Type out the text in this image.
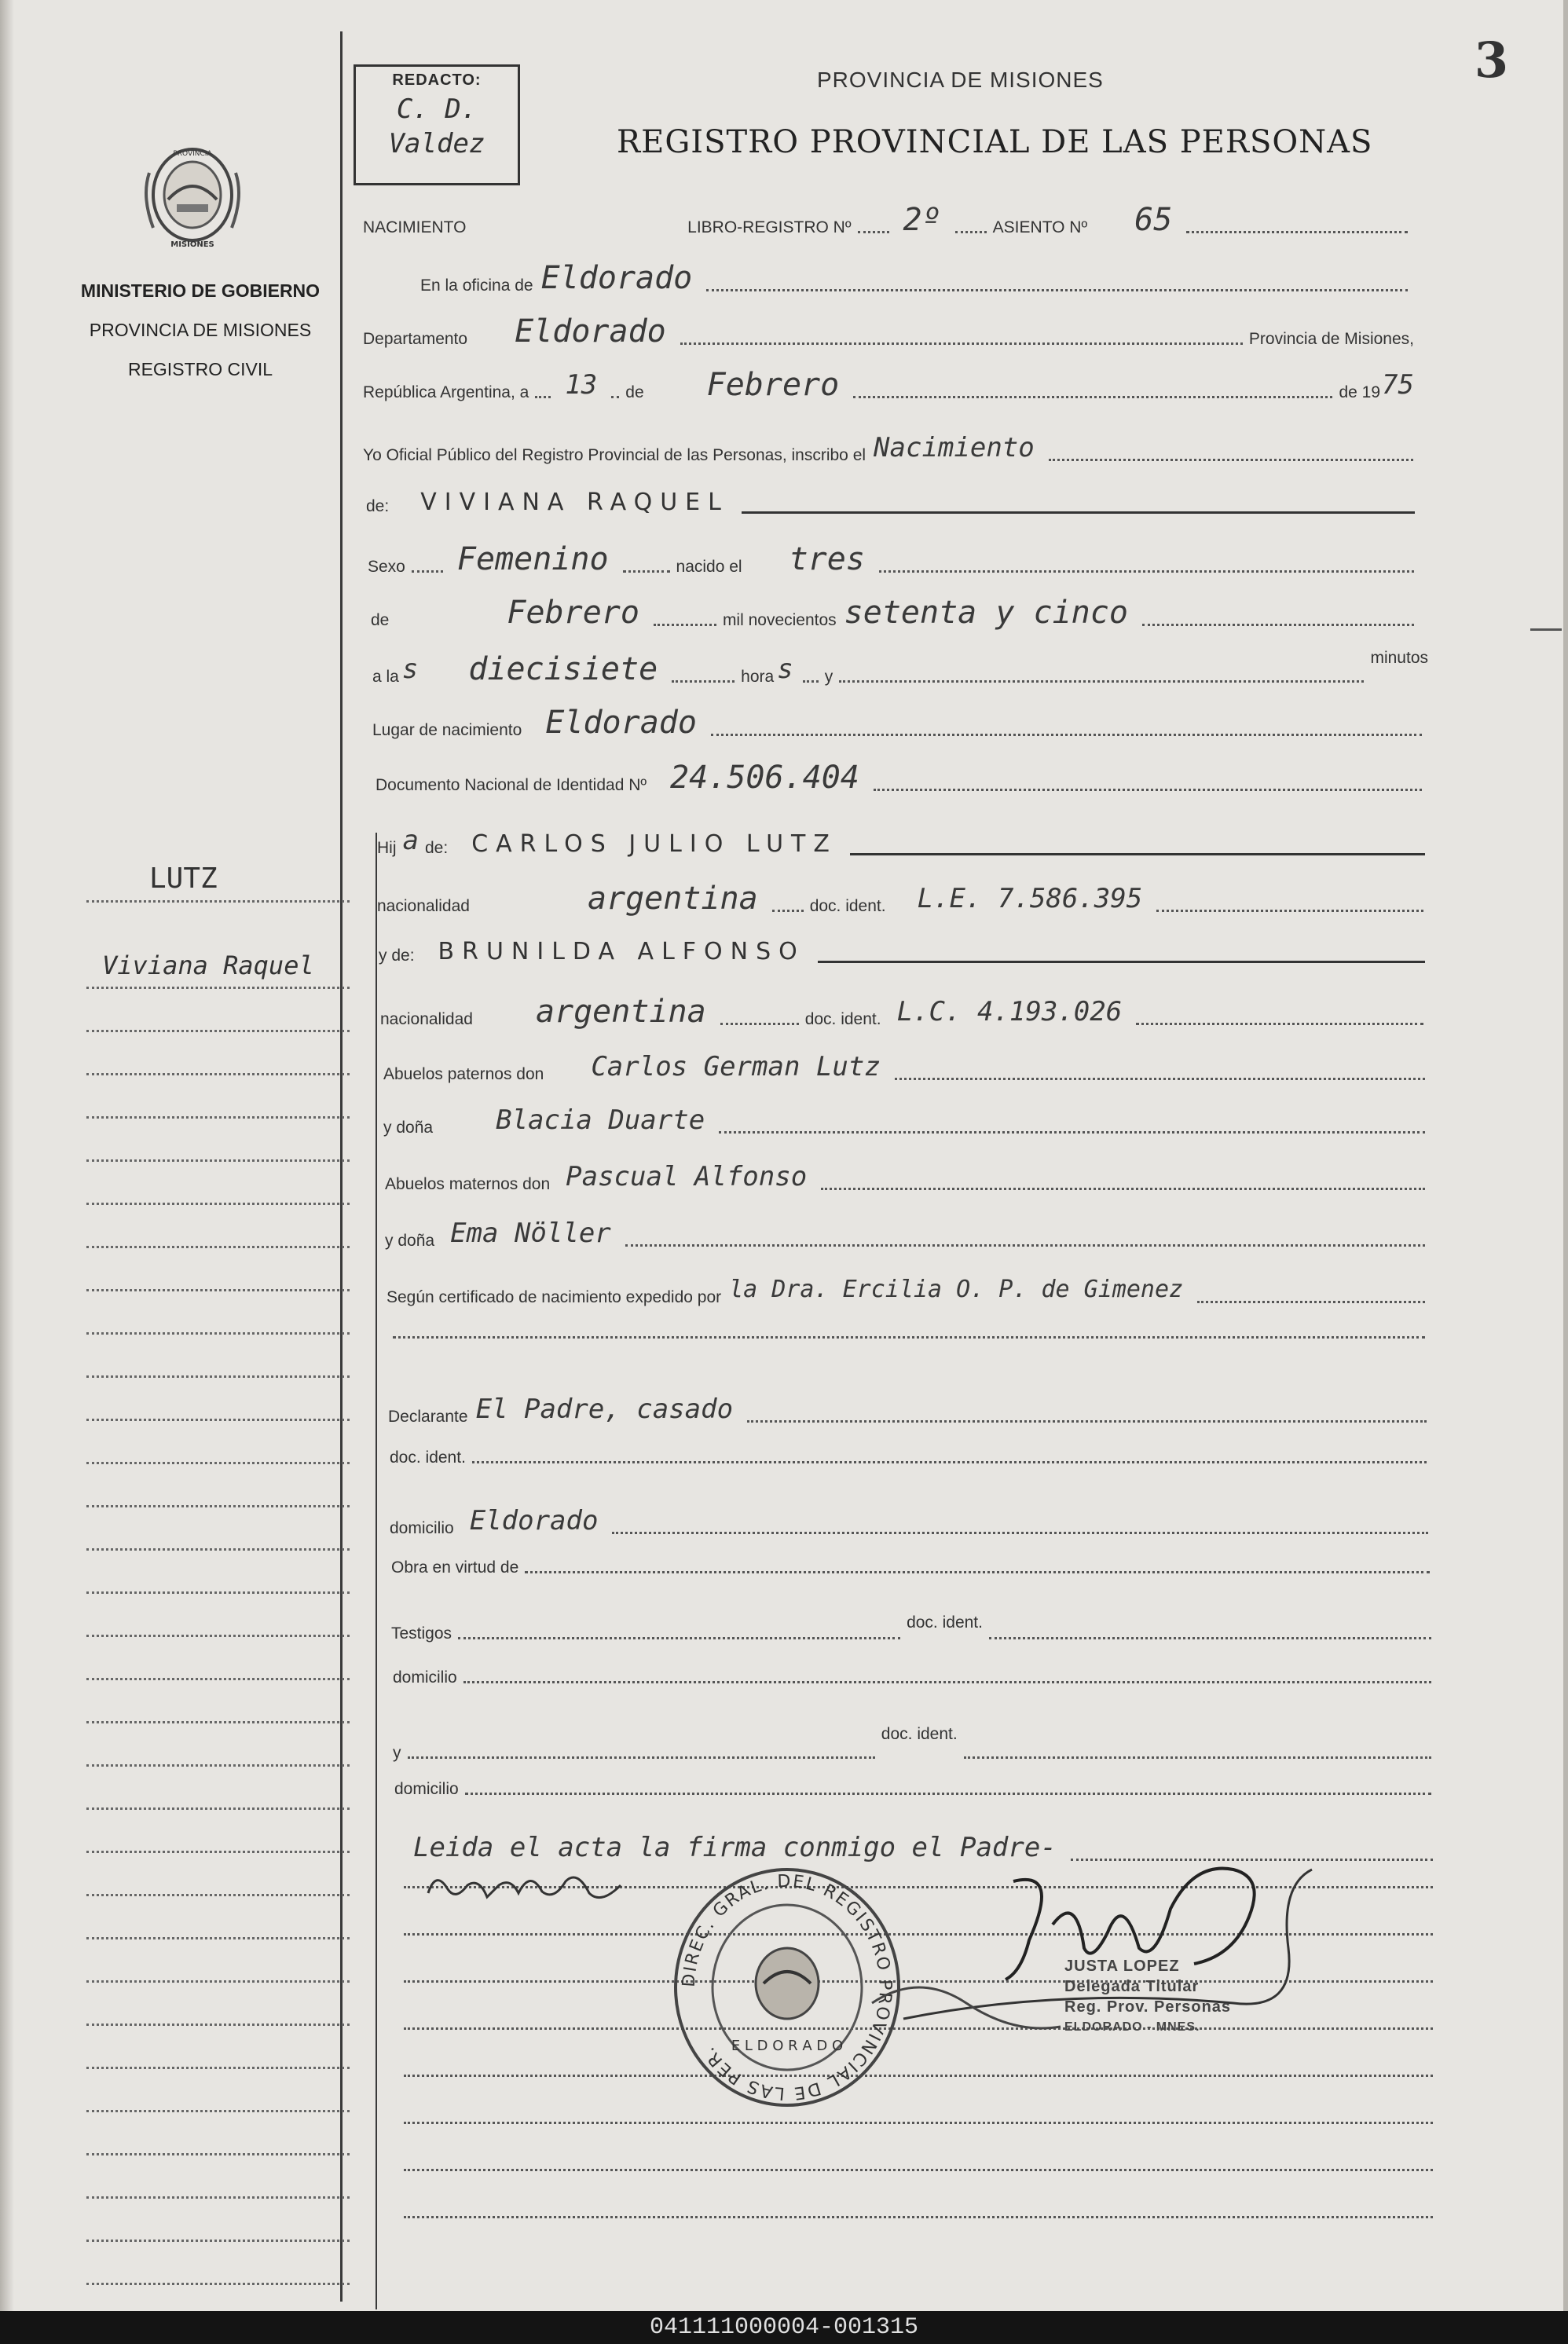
3
REDACTO:
C. D.
Valdez
PROVINCIA DE MISIONES
REGISTRO PROVINCIAL DE LAS PERSONAS
PROVINCIA
MISIONES
MINISTERIO DE GOBIERNO
PROVINCIA DE MISIONES
REGISTRO CIVIL
LUTZ
Viviana Raquel
NACIMIENTO	LIBRO-REGISTRO Nº 2º	ASIENTO Nº	65
En la oficina de Eldorado
Departamento	Eldorado	Provincia de Misiones,
República Argentina, a 13	de	Febrero	de 19 75
Yo Oficial Público del Registro Provincial de las Personas, inscribo el Nacimiento
de:	VIVIANA RAQUEL
Sexo Femenino	nacido el	tres
de	Febrero	mil novecientos setenta y cinco
a la s	diecisiete	hora s y
minutos
Lugar de nacimiento Eldorado
Documento Nacional de Identidad Nº 24.506.404
Hij a de:	CARLOS JULIO LUTZ
nacionalidad	argentina	doc. ident.	L.E. 7.586.395
y de:	BRUNILDA ALFONSO
nacionalidad	argentina	doc. ident. L.C. 4.193.026
Abuelos paternos don	Carlos German Lutz
y doña	Blacia Duarte
Abuelos maternos don Pascual Alfonso
y doña Ema Nöller
Según certificado de nacimiento expedido por la Dra. Ercilia O. P. de Gimenez
Declarante El Padre, casado
doc. ident.
domicilio Eldorado
Obra en virtud de
Testigos
doc. ident.
domicilio
y
doc. ident.
domicilio
Leida el acta la firma conmigo el Padre-
Carlos Lutz
DIREC. GRAL. DEL REGISTRO PROVINCIAL DE LAS PER. E L D O R A D O
JUSTA LOPEZ
Delegada Titular
Reg. Prov. Personas
ELDORADO - MNES.
041111000004-001315
